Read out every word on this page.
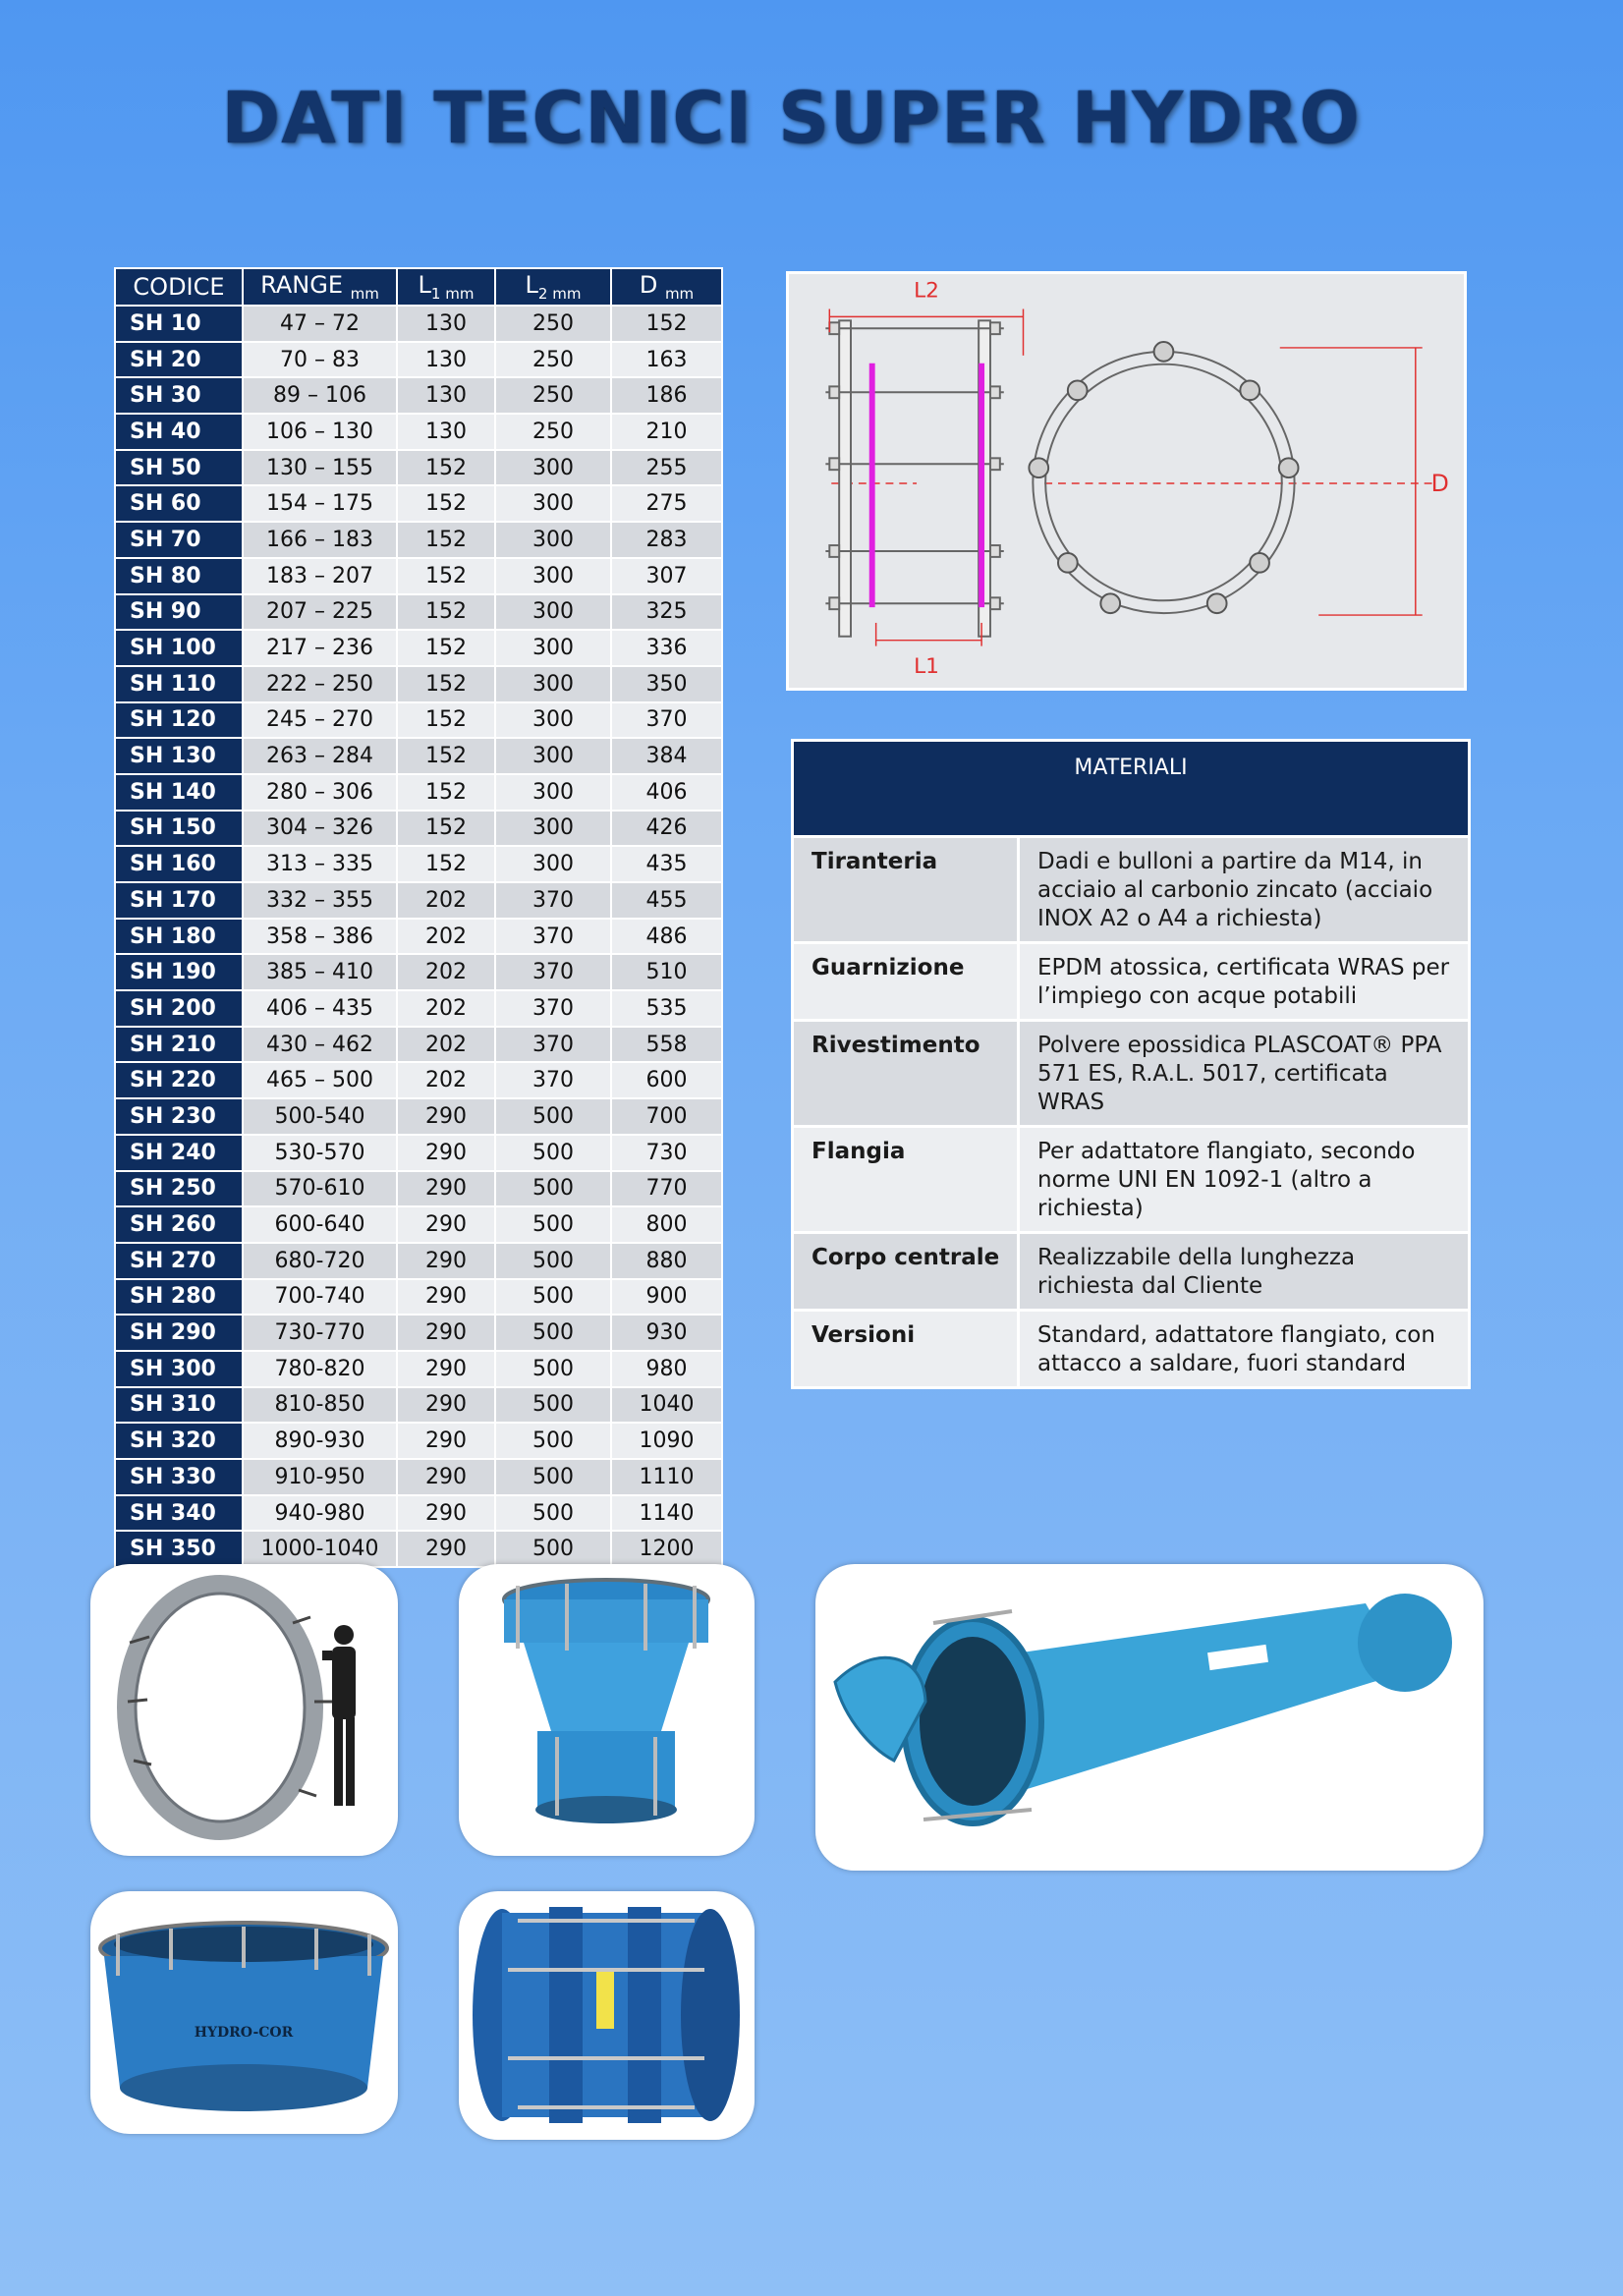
DATI TECNICI SUPER HYDRO
CODICE	RANGE $_{mm}$	$L_{1 mm}$	$L_{2 mm}$	D $_{mm}$
SH 10	47 – 72	130	250	152
SH 20	70 – 83	130	250	163
SH 30	89 – 106	130	250	186
SH 40	106 – 130	130	250	210
SH 50	130 – 155	152	300	255
SH 60	154 – 175	152	300	275
SH 70	166 – 183	152	300	283
SH 80	183 – 207	152	300	307
SH 90	207 – 225	152	300	325
SH 100	217 – 236	152	300	336
SH 110	222 – 250	152	300	350
SH 120	245 – 270	152	300	370
SH 130	263 – 284	152	300	384
SH 140	280 – 306	152	300	406
SH 150	304 – 326	152	300	426
SH 160	313 – 335	152	300	435
SH 170	332 – 355	202	370	455
SH 180	358 – 386	202	370	486
SH 190	385 – 410	202	370	510
SH 200	406 – 435	202	370	535
SH 210	430 – 462	202	370	558
SH 220	465 – 500	202	370	600
SH 230	500-540	290	500	700
SH 240	530-570	290	500	730
SH 250	570-610	290	500	770
SH 260	600-640	290	500	800
SH 270	680-720	290	500	880
SH 280	700-740	290	500	900
SH 290	730-770	290	500	930
SH 300	780-820	290	500	980
SH 310	810-850	290	500	1040
SH 320	890-930	290	500	1090
SH 330	910-950	290	500	1110
SH 340	940-980	290	500	1140
SH 350	1000-1040	290	500	1200
L2
L1
D
MATERIALI	
Tiranteria	Dadi e bulloni a partire da M14, in acciaio al carbonio zincato (acciaio INOX A2 o A4 a richiesta)
Guarnizione	EPDM atossica, certificata WRAS per l’impiego con acque potabili
Rivestimento	Polvere epossidica PLASCOAT® PPA 571 ES, R.A.L. 5017, certificata WRAS
Flangia	Per adattatore flangiato, secondo norme UNI EN 1092-1 (altro a richiesta)
Corpo centrale	Realizzabile della lunghezza richiesta dal Cliente
Versioni	Standard, adattatore flangiato, con attacco a saldare, fuori standard
HYDRO-COR
